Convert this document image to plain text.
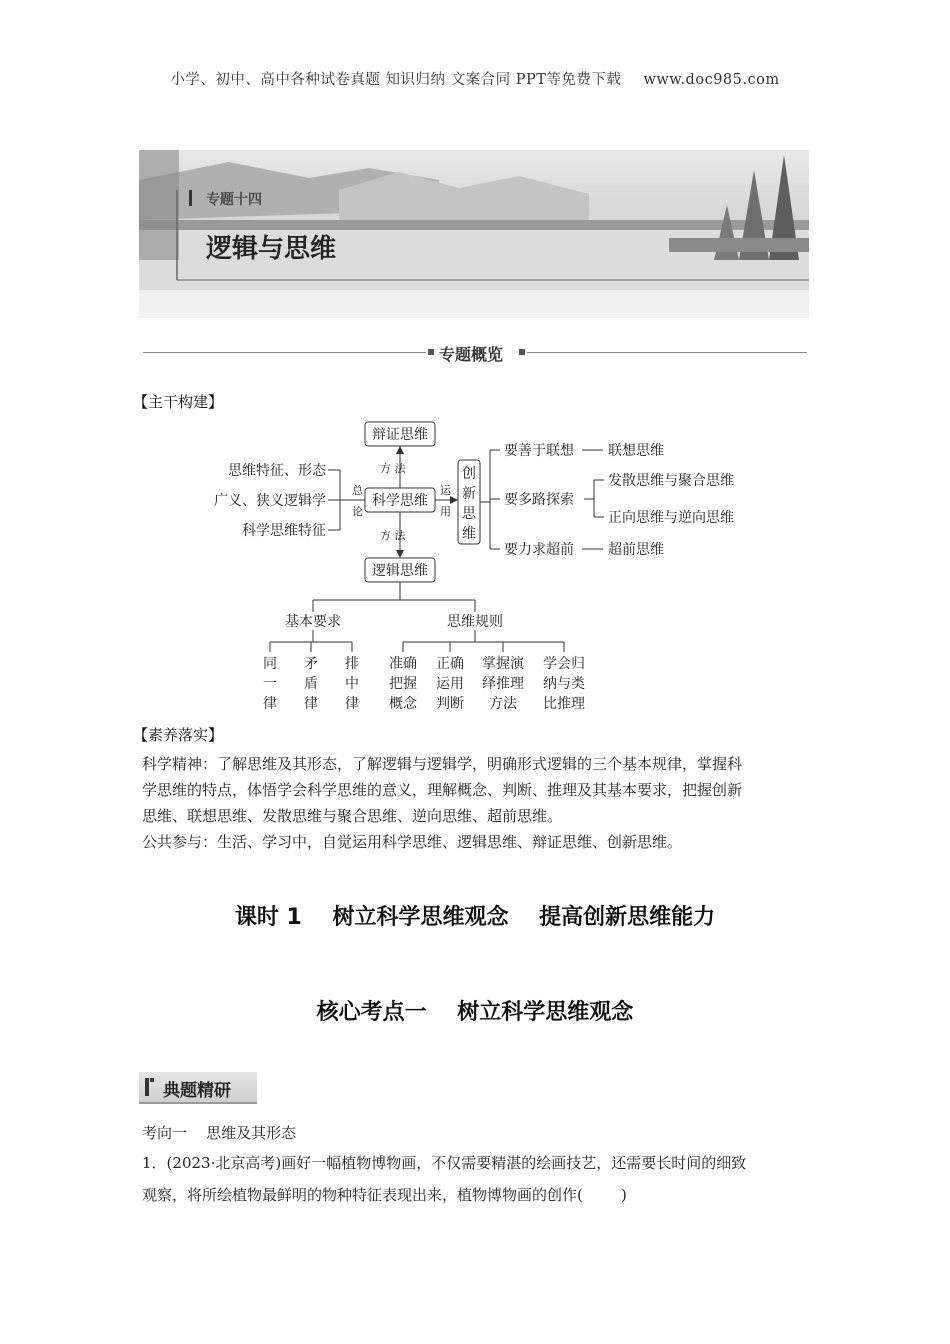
小学、初中、高中各种试卷真题 知识归纳 文案合同 PPT等免费下载 www.doc985.com
专题十四
逻辑与思维
专题概览
【主干构建】
辩证思维
科学思维
逻辑思维
创
新
思
维
方 法
方 法
思维特征、形态
广义、狭义逻辑学
科学思维特征
总
论
运
用
要善于联想 联想思维
要多路探索
发散思维与聚合思维
正向思维与逆向思维
要力求超前 超前思维
基本要求	思维规则
同
一
律
矛
盾
律
排
中
律
准确
把握
概念
正确
运用
判断
掌握演
绎推理
方法
学会归
纳与类
比推理
【素养落实】
科学精神：了解思维及其形态，了解逻辑与逻辑学，明确形式逻辑的三个基本规律，掌握科
学思维的特点，体悟学会科学思维的意义，理解概念、判断、推理及其基本要求，把握创新
思维、联想思维、发散思维与聚合思维、逆向思维、超前思维。
公共参与：生活、学习中，自觉运用科学思维、逻辑思维、辩证思维、创新思维。
课时 1    树立科学思维观念    提高创新思维能力
核心考点一    树立科学思维观念
典题精研
考向一    思维及其形态
1．(2023·北京高考)画好一幅植物博物画，不仅需要精湛的绘画技艺，还需要长时间的细致
观察，将所绘植物最鲜明的物种特征表现出来，植物博物画的创作(        )
